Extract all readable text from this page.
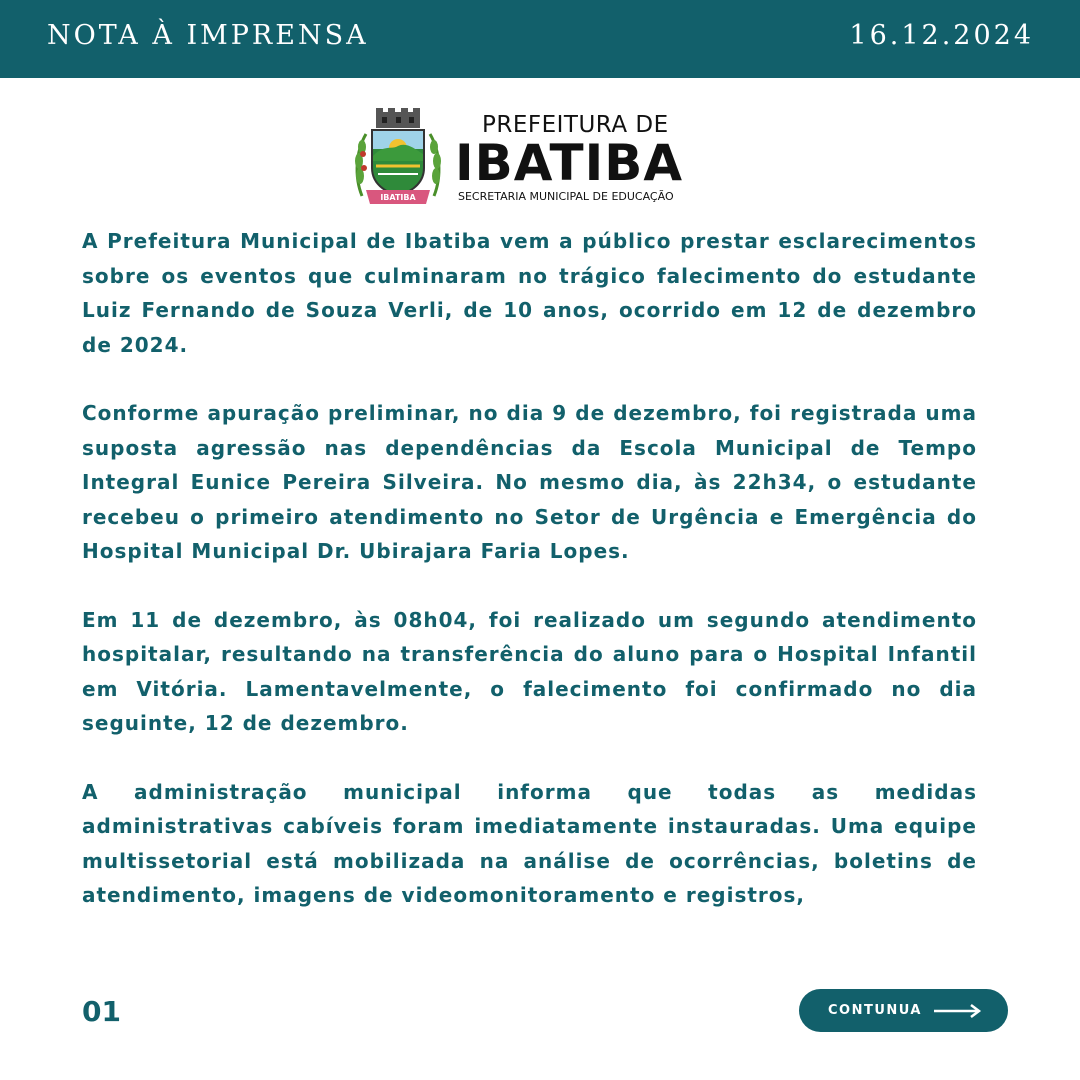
NOTA À IMPRENSA	16.12.2024
IBATIBA
PREFEITURA DE
IBATIBA
SECRETARIA MUNICIPAL DE EDUCAÇÃO

A Prefeitura Municipal de Ibatiba vem a público prestar esclarecimentos sobre os eventos que culminaram no trágico falecimento do estudante Luiz Fernando de Souza Verli, de 10 anos, ocorrido em 12 de dezembro de 2024.

Conforme apuração preliminar, no dia 9 de dezembro, foi registrada uma suposta agressão nas dependências da Escola Municipal de Tempo Integral Eunice Pereira Silveira. No mesmo dia, às 22h34, o estudante recebeu o primeiro atendimento no Setor de Urgência e Emergência do Hospital Municipal Dr. Ubirajara Faria Lopes.

Em 11 de dezembro, às 08h04, foi realizado um segundo atendimento hospitalar, resultando na transferência do aluno para o Hospital Infantil em Vitória. Lamentavelmente, o falecimento foi confirmado no dia seguinte, 12 de dezembro.

A administração municipal informa que todas as medidas administrativas cabíveis foram imediatamente instauradas. Uma equipe multissetorial está mobilizada na análise de ocorrências, boletins de atendimento, imagens de videomonitoramento e registros,

01	CONTUNUA
